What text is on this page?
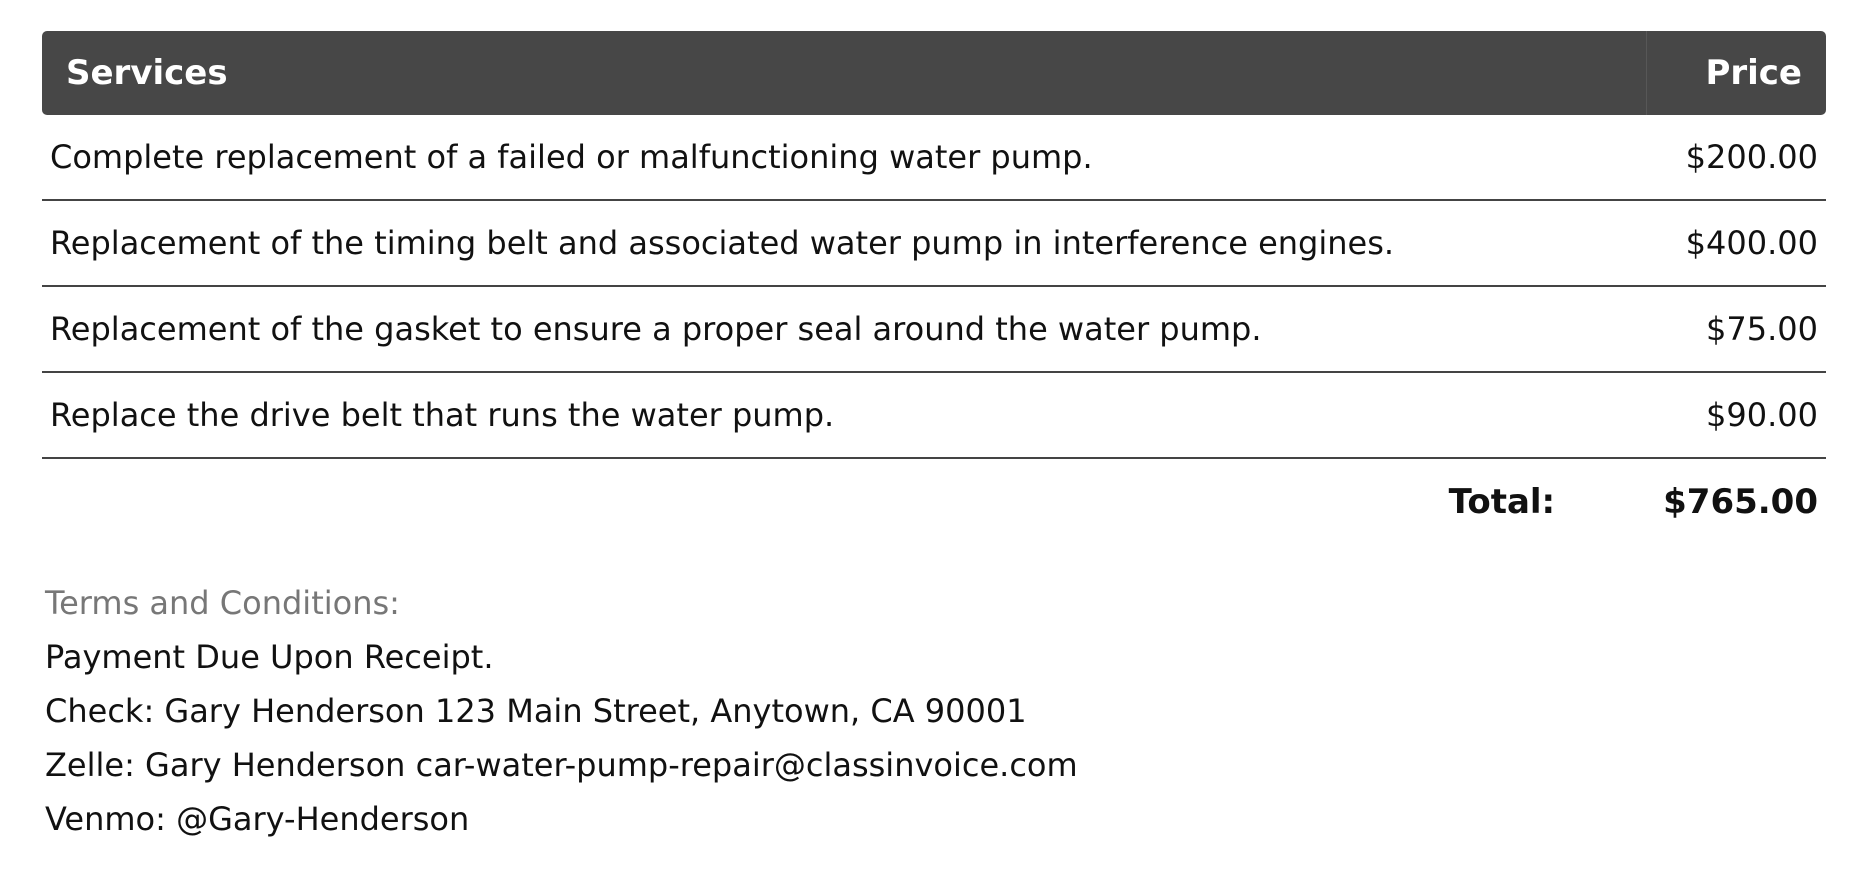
Services	Price
Complete replacement of a failed or malfunctioning water pump.	$200.00
Replacement of the timing belt and associated water pump in interference engines.	$400.00
Replacement of the gasket to ensure a proper seal around the water pump.	$75.00
Replace the drive belt that runs the water pump.	$90.00
Total:	$765.00
Terms and Conditions:
Payment Due Upon Receipt.
Check: Gary Henderson 123 Main Street, Anytown, CA 90001
Zelle: Gary Henderson car-water-pump-repair@classinvoice.com
Venmo: @Gary-Henderson
